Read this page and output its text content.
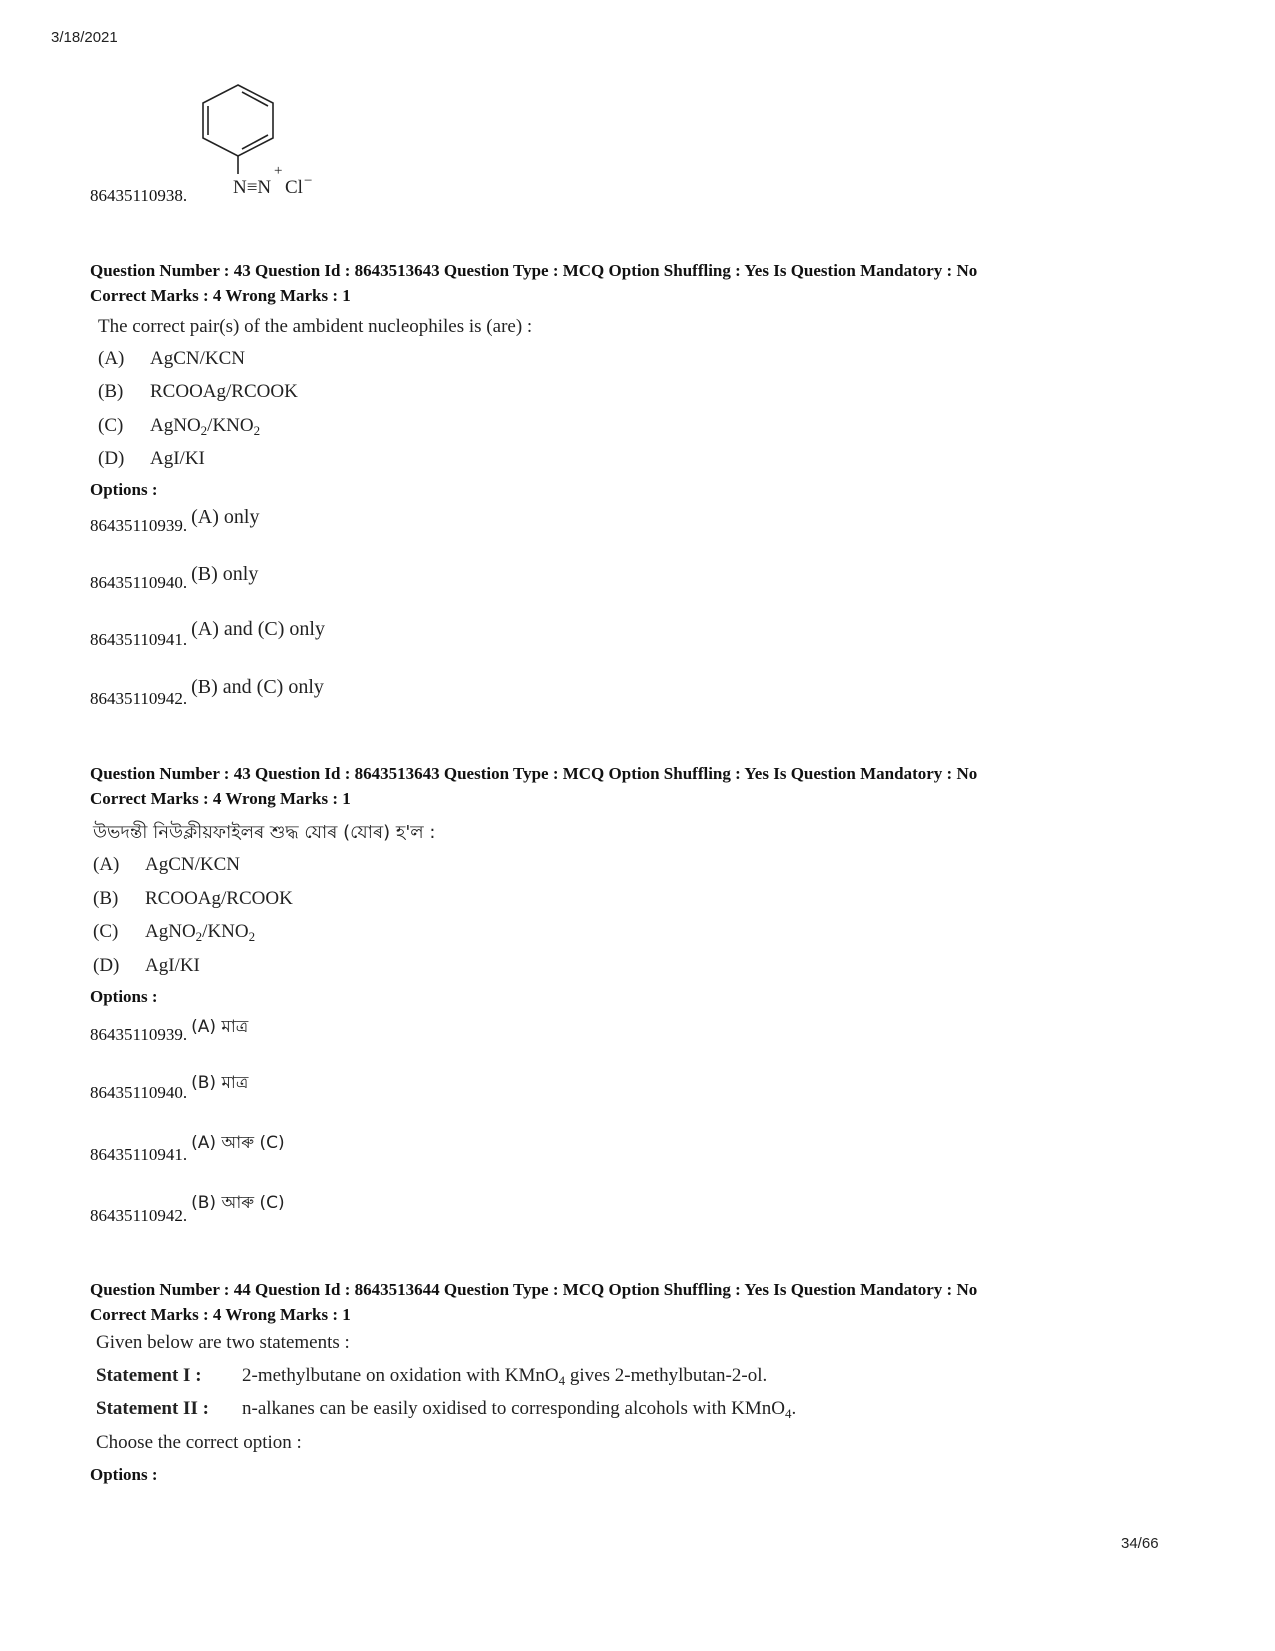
3/18/2021
34/66
86435110938. N≡N
+
Cl −
Question Number : 43 Question Id : 8643513643 Question Type : MCQ Option Shuffling : Yes Is Question Mandatory : No
Correct Marks : 4 Wrong Marks : 1
The correct pair(s) of the ambident nucleophiles is (are) :
(A) AgCN/KCN
(B) RCOOAg/RCOOK
(C) $AgNO_2/KNO_2$
(D) AgI/KI
Options :
86435110939. (A) only
86435110940. (B) only
86435110941. (A) and (C) only
86435110942. (B) and (C) only
Question Number : 43 Question Id : 8643513643 Question Type : MCQ Option Shuffling : Yes Is Question Mandatory : No
Correct Marks : 4 Wrong Marks : 1
উভদন্তী নিউক্লীয়ফাইলৰ শুদ্ধ যোৰ (যোৰ) হ'ল :
(A) AgCN/KCN
(B) RCOOAg/RCOOK
(C) $AgNO_2/KNO_2$
(D) AgI/KI
Options :
86435110939. (A) মাত্ৰ
86435110940. (B) মাত্ৰ
86435110941. (A) আৰু (C)
86435110942. (B) আৰু (C)
Question Number : 44 Question Id : 8643513644 Question Type : MCQ Option Shuffling : Yes Is Question Mandatory : No
Correct Marks : 4 Wrong Marks : 1
Given below are two statements :
Statement I : 2-methylbutane on oxidation with KMnO$_4$ gives 2-methylbutan-2-ol.
Statement II : n-alkanes can be easily oxidised to corresponding alcohols with KMnO$_4$.
Choose the correct option :
Options :
